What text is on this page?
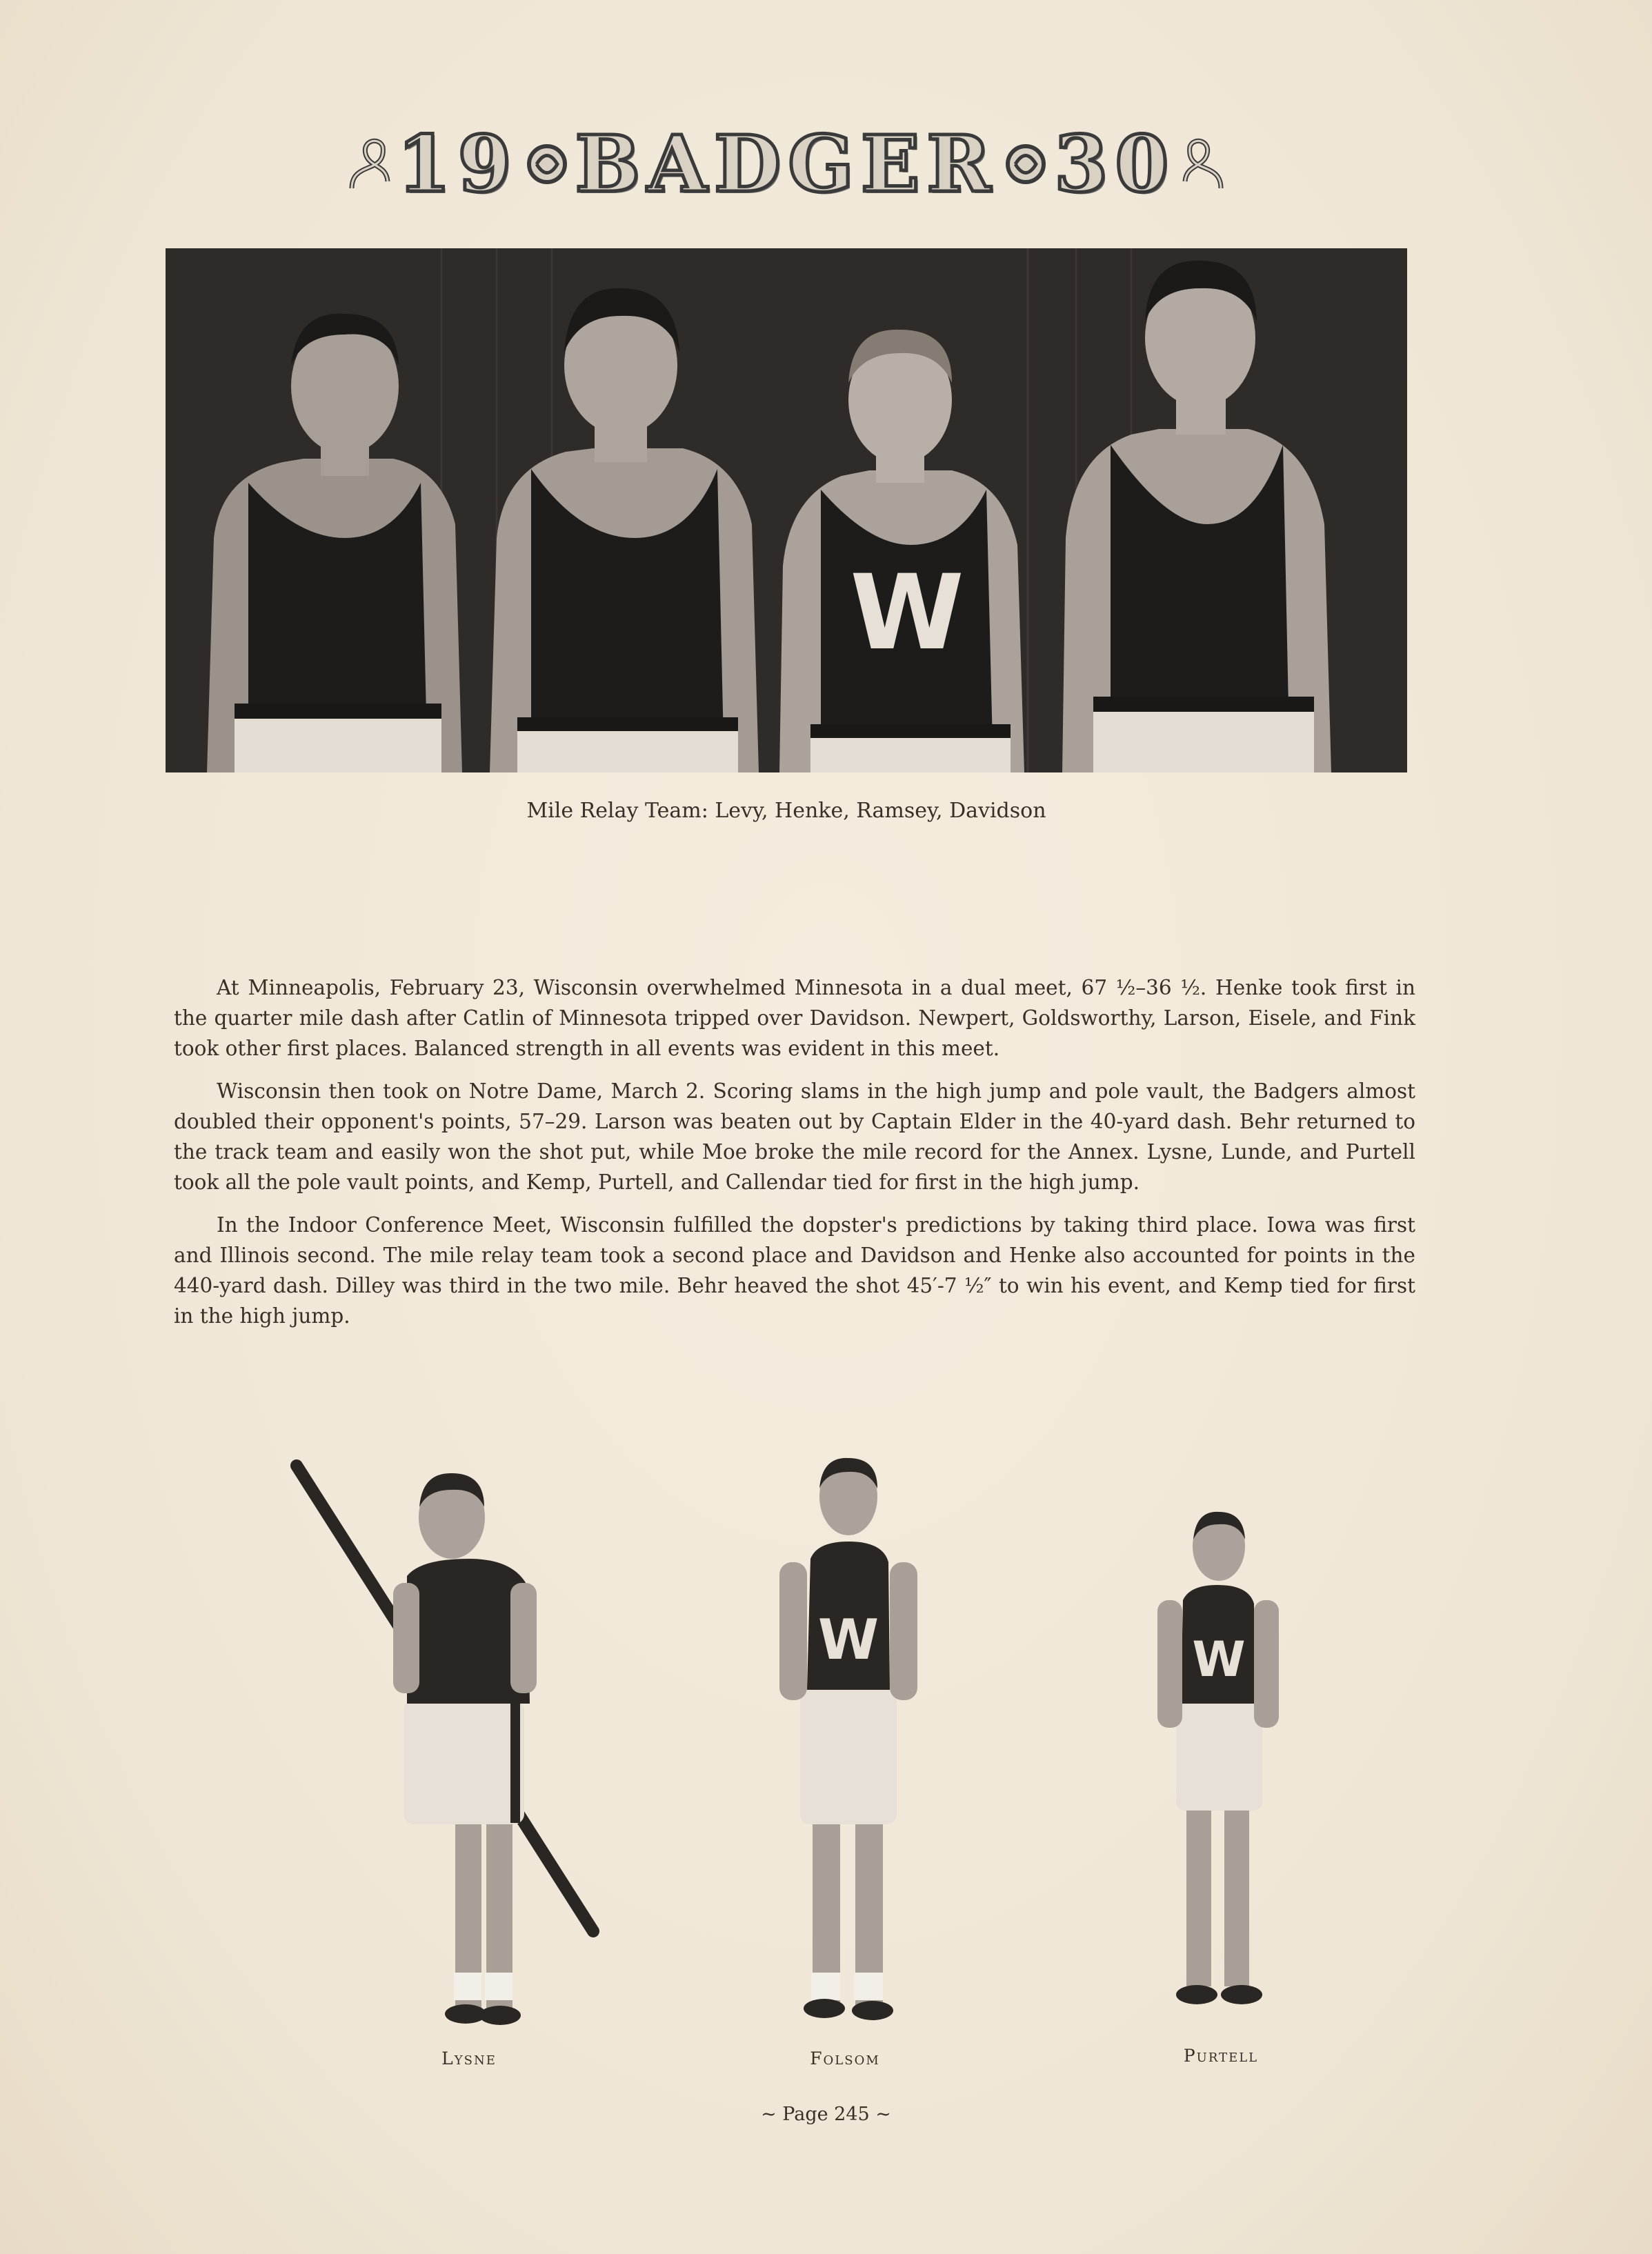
19 BADGER 30
W
Mile Relay Team: Levy, Henke, Ramsey, Davidson

At Minneapolis, February 23, Wisconsin overwhelmed Minnesota in a dual meet, 67 ½–36 ½. Henke took first in the quarter mile dash after Catlin of Minnesota tripped over Davidson. Newpert, Goldsworthy, Larson, Eisele, and Fink took other first places. Balanced strength in all events was evident in this meet.

Wisconsin then took on Notre Dame, March 2. Scoring slams in the high jump and pole vault, the Badgers almost doubled their opponent's points, 57–29. Larson was beaten out by Captain Elder in the 40-yard dash. Behr returned to the track team and easily won the shot put, while Moe broke the mile record for the Annex. Lysne, Lunde, and Purtell took all the pole vault points, and Kemp, Purtell, and Callendar tied for first in the high jump.

In the Indoor Conference Meet, Wisconsin fulfilled the dopster's predictions by taking third place. Iowa was first and Illinois second. The mile relay team took a second place and Davidson and Henke also accounted for points in the 440-yard dash. Dilley was third in the two mile. Behr heaved the shot 45′-7 ½″ to win his event, and Kemp tied for first in the high jump.

Lysne
W
Folsom
W
Purtell
~ Page 245 ~
